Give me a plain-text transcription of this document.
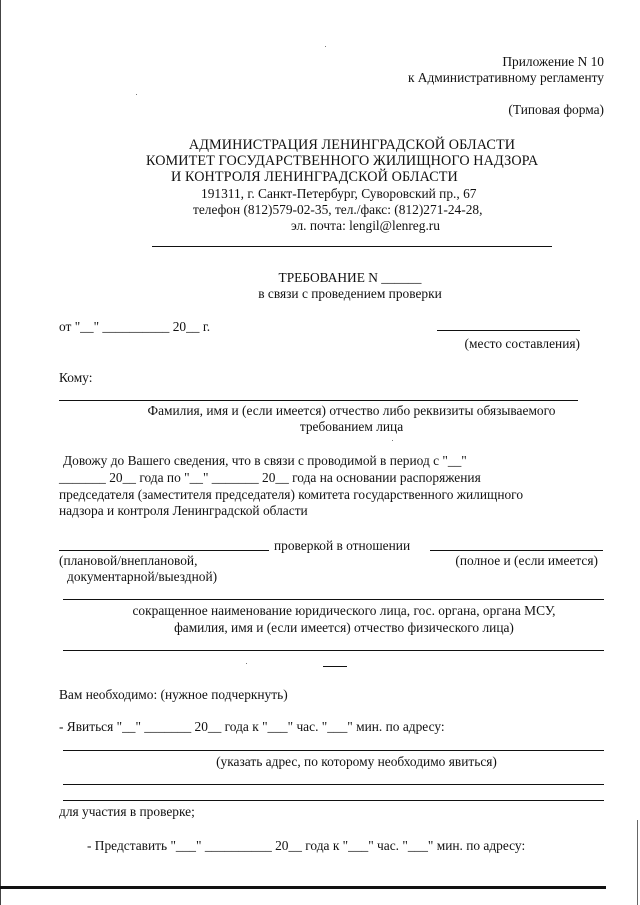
Приложение N 10
к Административному регламенту
(Типовая форма)
АДМИНИСТРАЦИЯ ЛЕНИНГРАДСКОЙ ОБЛАСТИ
КОМИТЕТ ГОСУДАРСТВЕННОГО ЖИЛИЩНОГО НАДЗОРА
И КОНТРОЛЯ ЛЕНИНГРАДСКОЙ ОБЛАСТИ
191311, г. Санкт-Петербург, Суворовский пр., 67
телефон (812)579-02-35, тел./факс: (812)271-24-28,
эл. почта: lengil@lenreg.ru
ТРЕБОВАНИЕ N ______
в связи с проведением проверки
от "__" __________ 20__ г.
(место составления)
Кому:
Фамилия, имя и (если имеется) отчество либо реквизиты обязываемого
требованием лица
Довожу до Вашего сведения, что в связи с проводимой в период с "__"
_______ 20__ года по "__" _______ 20__ года на основании распоряжения
председателя (заместителя председателя) комитета государственного жилищного
надзора и контроля Ленинградской области
проверкой в отношении
(плановой/внеплановой,
документарной/выездной)
(полное и (если имеется)
сокращенное наименование юридического лица, гос. органа, органа МСУ,
фамилия, имя и (если имеется) отчество физического лица)
Вам необходимо: (нужное подчеркнуть)
- Явиться "__" _______ 20__ года к "___" час. "___" мин. по адресу:
(указать адрес, по которому необходимо явиться)
для участия в проверке;
- Представить "___" __________ 20__ года к "___" час. "___" мин. по адресу:
